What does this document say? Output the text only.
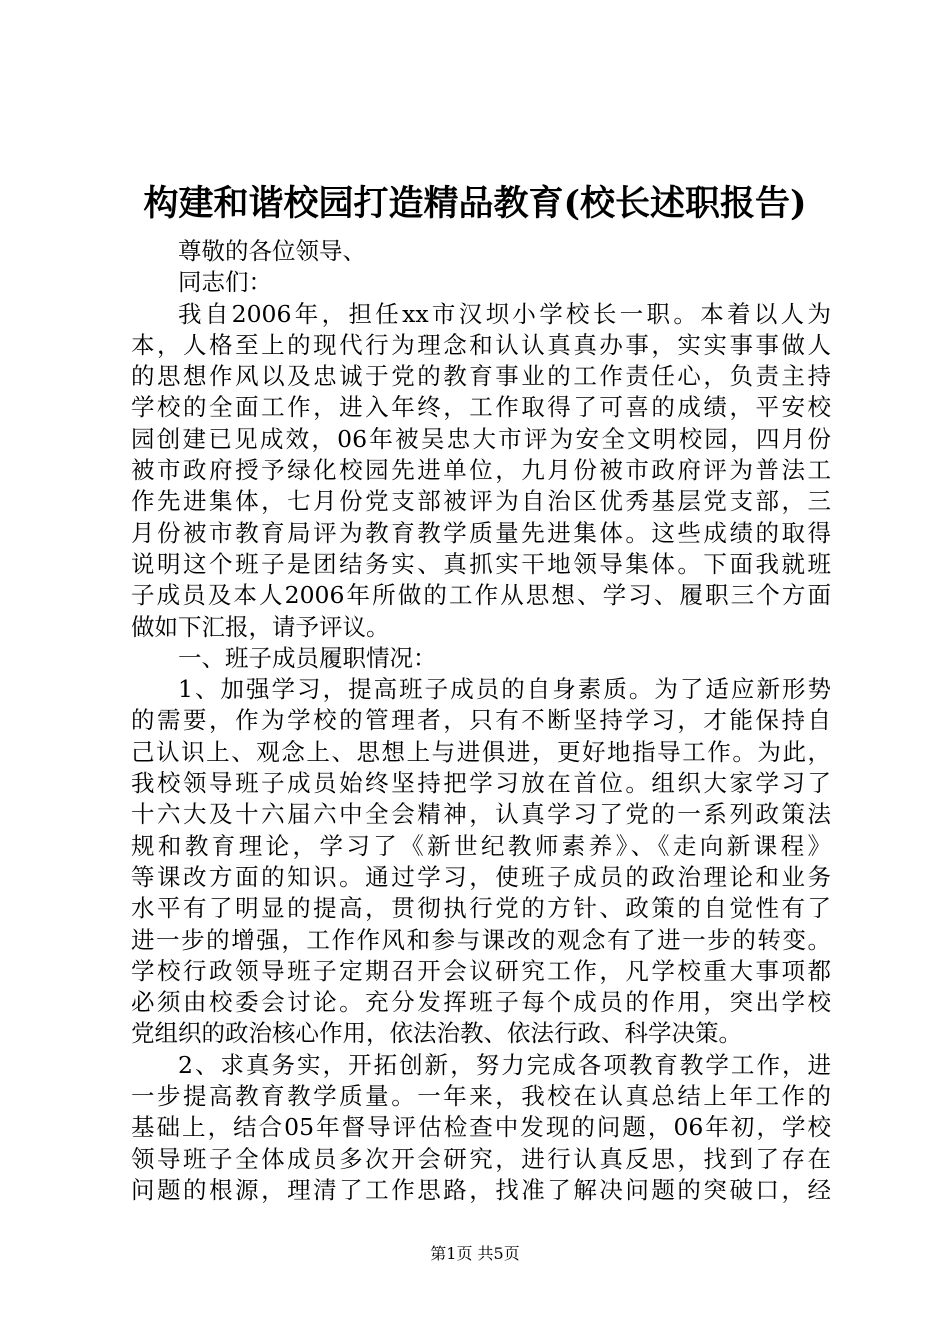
构建和谐校园打造精品教育(校长述职报告)
尊敬的各位领导、
同志们：
我自2006年，担任xx市汉坝小学校长一职。本着以人为
本，人格至上的现代行为理念和认认真真办事，实实事事做人
的思想作风以及忠诚于党的教育事业的工作责任心，负责主持
学校的全面工作，进入年终，工作取得了可喜的成绩，平安校
园创建已见成效，06年被吴忠大市评为安全文明校园，四月份
被市政府授予绿化校园先进单位，九月份被市政府评为普法工
作先进集体，七月份党支部被评为自治区优秀基层党支部，三
月份被市教育局评为教育教学质量先进集体。这些成绩的取得
说明这个班子是团结务实、真抓实干地领导集体。下面我就班
子成员及本人2006年所做的工作从思想、学习、履职三个方面
做如下汇报，请予评议。
一、班子成员履职情况：
1、加强学习，提高班子成员的自身素质。为了适应新形势
的需要，作为学校的管理者，只有不断坚持学习，才能保持自
己认识上、观念上、思想上与进俱进，更好地指导工作。为此，
我校领导班子成员始终坚持把学习放在首位。组织大家学习了
十六大及十六届六中全会精神，认真学习了党的一系列政策法
规和教育理论，学习了《新世纪教师素养》、《走向新课程》
等课改方面的知识。通过学习，使班子成员的政治理论和业务
水平有了明显的提高，贯彻执行党的方针、政策的自觉性有了
进一步的增强，工作作风和参与课改的观念有了进一步的转变。
学校行政领导班子定期召开会议研究工作，凡学校重大事项都
必须由校委会讨论。充分发挥班子每个成员的作用，突出学校
党组织的政治核心作用，依法治教、依法行政、科学决策。
2、求真务实，开拓创新，努力完成各项教育教学工作，进
一步提高教育教学质量。一年来，我校在认真总结上年工作的
基础上，结合05年督导评估检查中发现的问题，06年初，学校
领导班子全体成员多次开会研究，进行认真反思，找到了存在
问题的根源，理清了工作思路，找准了解决问题的突破口，经
第1页 共5页
